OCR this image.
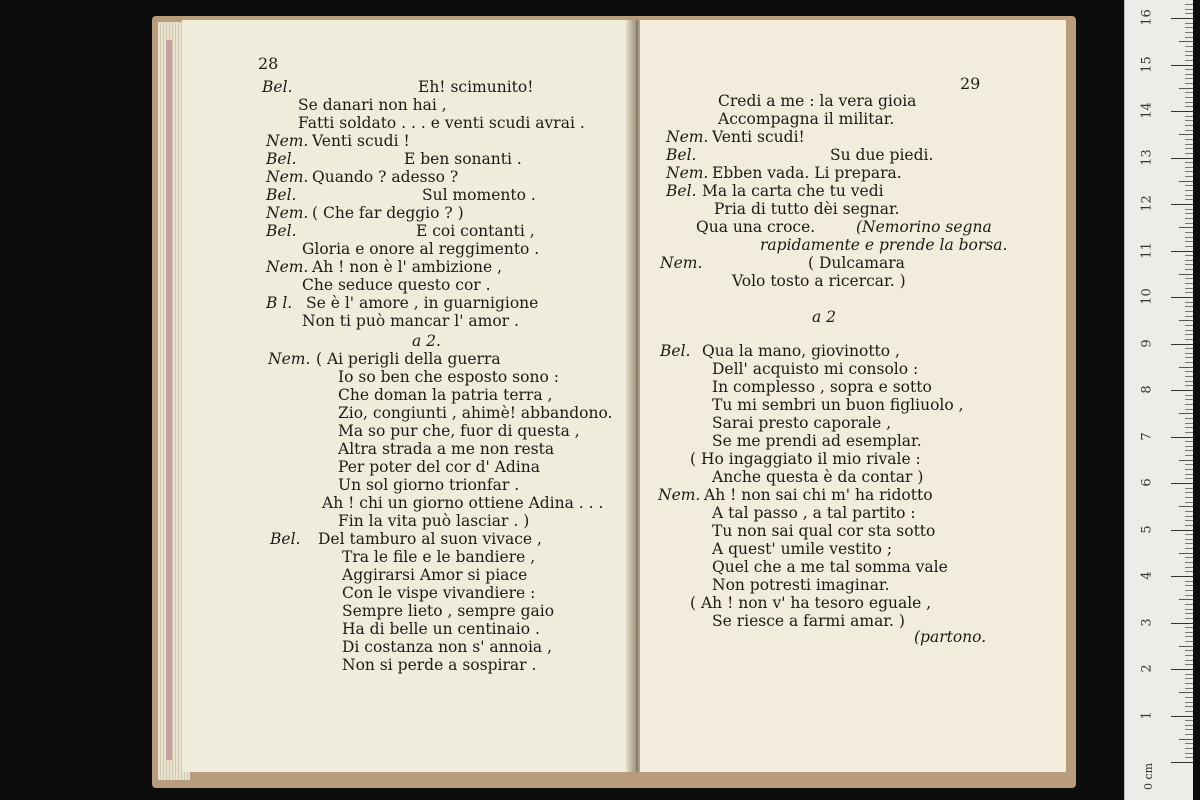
28
Bel.	Eh! scimunito!
Se danari non hai ,
Fatti soldato . . . e venti scudi avrai .
Nem. Venti scudi !
Bel.	E ben sonanti .
Nem. Quando ? adesso ?
Bel.	Sul momento .
Nem. ( Che far deggio ? )
Bel.	E coi contanti ,
Gloria e onore al reggimento .
Nem. Ah ! non è l' ambizione ,
Che seduce questo cor .
B l. Se è l' amore , in guarnigione
Non ti può mancar l' amor .
a 2.
Nem. ( Ai perigli della guerra
Io so ben che esposto sono :
Che doman la patria terra ,
Zio, congiunti , ahimè! abbandono.
Ma so pur che, fuor di questa ,
Altra strada a me non resta
Per poter del cor d' Adina
Un sol giorno trionfar .
Ah ! chi un giorno ottiene Adina . . .
Fin la vita può lasciar . )
Bel. Del tamburo al suon vivace ,
Tra le file e le bandiere ,
Aggirarsi Amor si piace
Con le vispe vivandiere :
Sempre lieto , sempre gaio
Ha di belle un centinaio .
Di costanza non s' annoia ,
Non si perde a sospirar .
29
Credi a me : la vera gioia
Accompagna il militar.
Nem. Venti scudi!
Bel.	Su due piedi.
Nem. Ebben vada. Li prepara.
Bel. Ma la carta che tu vedi
Pria di tutto dèi segnar.
Qua una croce.	(Nemorino segna
rapidamente e prende la borsa.
Nem.	( Dulcamara
Volo tosto a ricercar. )
a 2
Bel. Qua la mano, giovinotto ,
Dell' acquisto mi consolo :
In complesso , sopra e sotto
Tu mi sembri un buon figliuolo ,
Sarai presto caporale ,
Se me prendi ad esemplar.
( Ho ingaggiato il mio rivale :
Anche questa è da contar )
Nem. Ah ! non sai chi m' ha ridotto
A tal passo , a tal partito :
Tu non sai qual cor sta sotto
A quest' umile vestito ;
Quel che a me tal somma vale
Non potresti imaginar.
( Ah ! non v' ha tesoro eguale ,
Se riesce a farmi amar. )
(partono.
0 cm
1
2
3
4
5
6
7
8
9
10
11
12
13
14
15
16
